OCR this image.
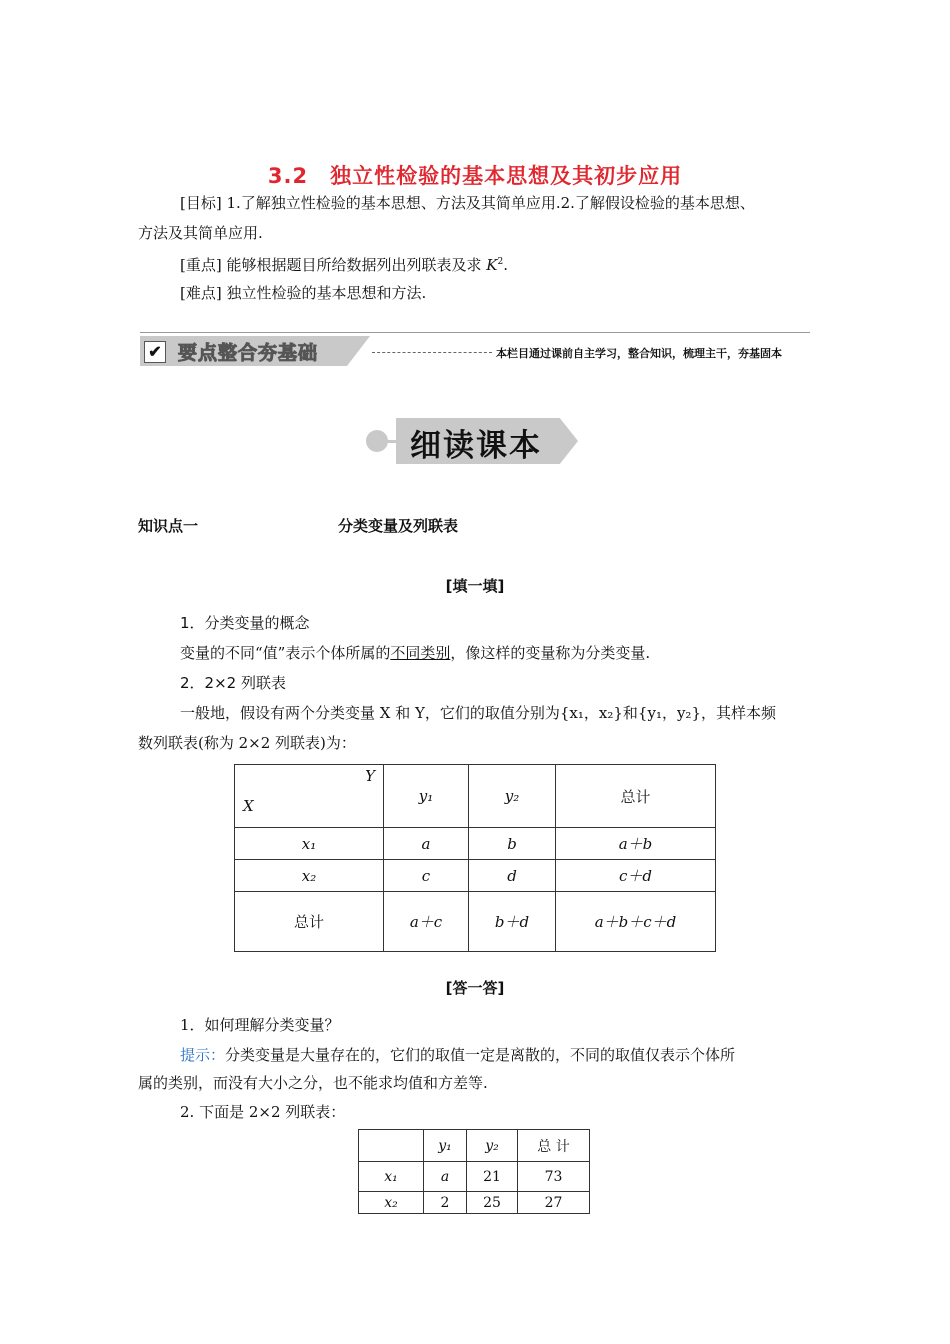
3.2　独立性检验的基本思想及其初步应用
[目标] 1.了解独立性检验的基本思想、方法及其简单应用.2.了解假设检验的基本思想、
方法及其简单应用.
[重点] 能够根据题目所给数据列出列联表及求 $K^2$.
[难点] 独立性检验的基本思想和方法.
✔ 要点整合夯基础	本栏目通过课前自主学习，整合知识，梳理主干，夯基固本
细读课本
知识点一	分类变量及列联表
[填一填]
1．分类变量的概念
变量的不同“值”表示个体所属的不同类别，像这样的变量称为分类变量.
2．2×2 列联表
一般地，假设有两个分类变量 X 和 Y，它们的取值分别为{x₁，x₂}和{y₁，y₂}，其样本频
数列联表(称为 2×2 列联表)为：
Y
X	y₁	y₂	总计
x₁	a	b	a＋b
x₂	c	d	c＋d
总计	a＋c	b＋d	a＋b＋c＋d
[答一答]
1．如何理解分类变量？
提示：分类变量是大量存在的，它们的取值一定是离散的，不同的取值仅表示个体所
属的类别，而没有大小之分，也不能求均值和方差等.
2. 下面是 2×2 列联表：
	y₁	y₂	总 计
x₁	a	21	73
x₂	2	25	27
